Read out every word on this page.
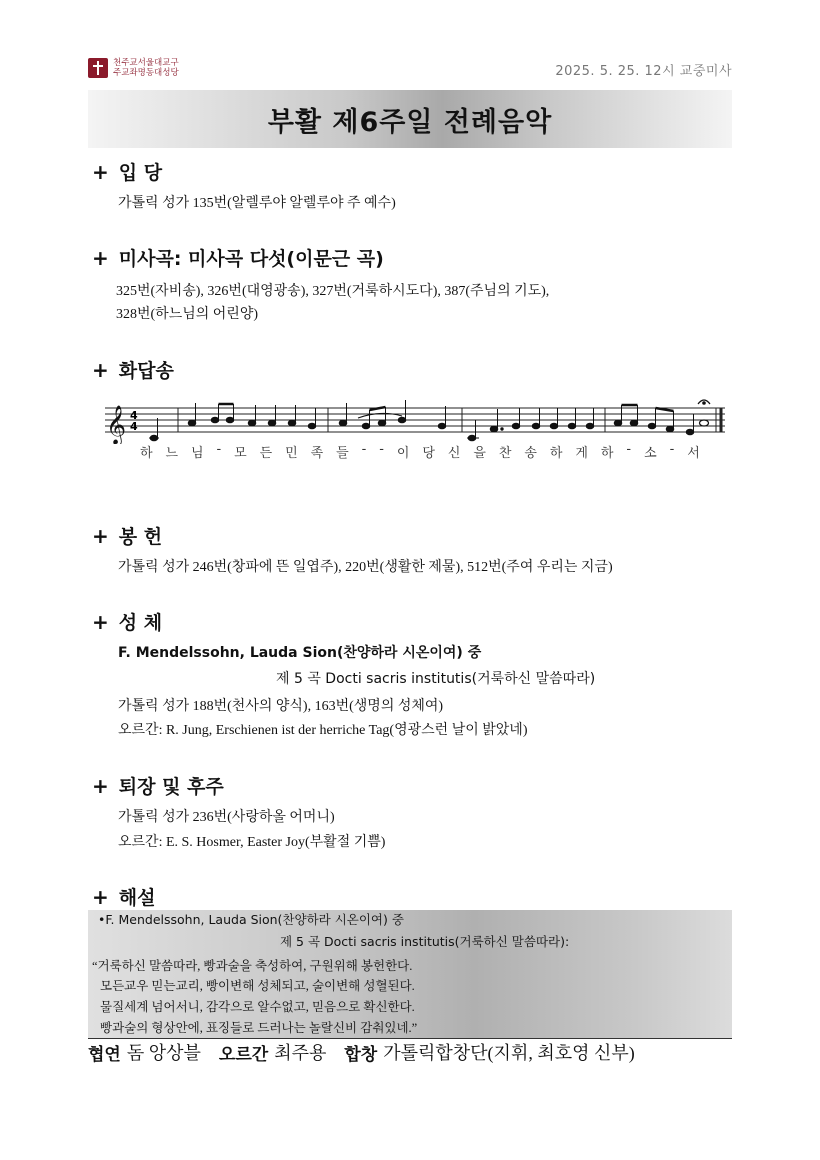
천주교서울대교구
주교좌명동대성당	2025. 5. 25. 12시 교중미사
부활 제6주일 전례음악
+ 입 당
가톨릭 성가 135번(알렐루야 알렐루야 주 예수)
+ 미사곡: 미사곡 다섯(이문근 곡)
325번(자비송), 326번(대영광송), 327번(거룩하시도다), 387(주님의 기도),
328번(하느님의 어린양)
+ 화답송
𝄞 4
4
하 느 님 - 모 든 민 족 들 - - 이 당 신 을 찬 송 하 게 하 - 소 - 서
+ 봉 헌
가톨릭 성가 246번(창파에 뜬 일엽주), 220번(생활한 제물), 512번(주여 우리는 지금)
+ 성 체
F. Mendelssohn, Lauda Sion(찬양하라 시온이여) 중
제 5 곡 Docti sacris institutis(거룩하신 말씀따라)
가톨릭 성가 188번(천사의 양식), 163번(생명의 성체여)
오르간: R. Jung, Erschienen ist der herriche Tag(영광스런 날이 밝았네)
+ 퇴장 및 후주
가톨릭 성가 236번(사랑하올 어머니)
오르간: E. S. Hosmer, Easter Joy(부활절 기쁨)
+ 해설
•F. Mendelssohn, Lauda Sion(찬양하라 시온이여) 중
제 5 곡 Docti sacris institutis(거룩하신 말씀따라):
“거룩하신 말씀따라, 빵과술을 축성하여, 구원위해 봉헌한다.
모든교우 믿는교리, 빵이변해 성체되고, 술이변해 성혈된다.
물질세계 넘어서니, 감각으로 알수없고, 믿음으로 확신한다.
빵과술의 형상안에, 표징들로 드러나는 놀랄신비 감춰있네.”
협연 돔 앙상블 오르간 최주용 합창 가톨릭합창단(지휘, 최호영 신부)
